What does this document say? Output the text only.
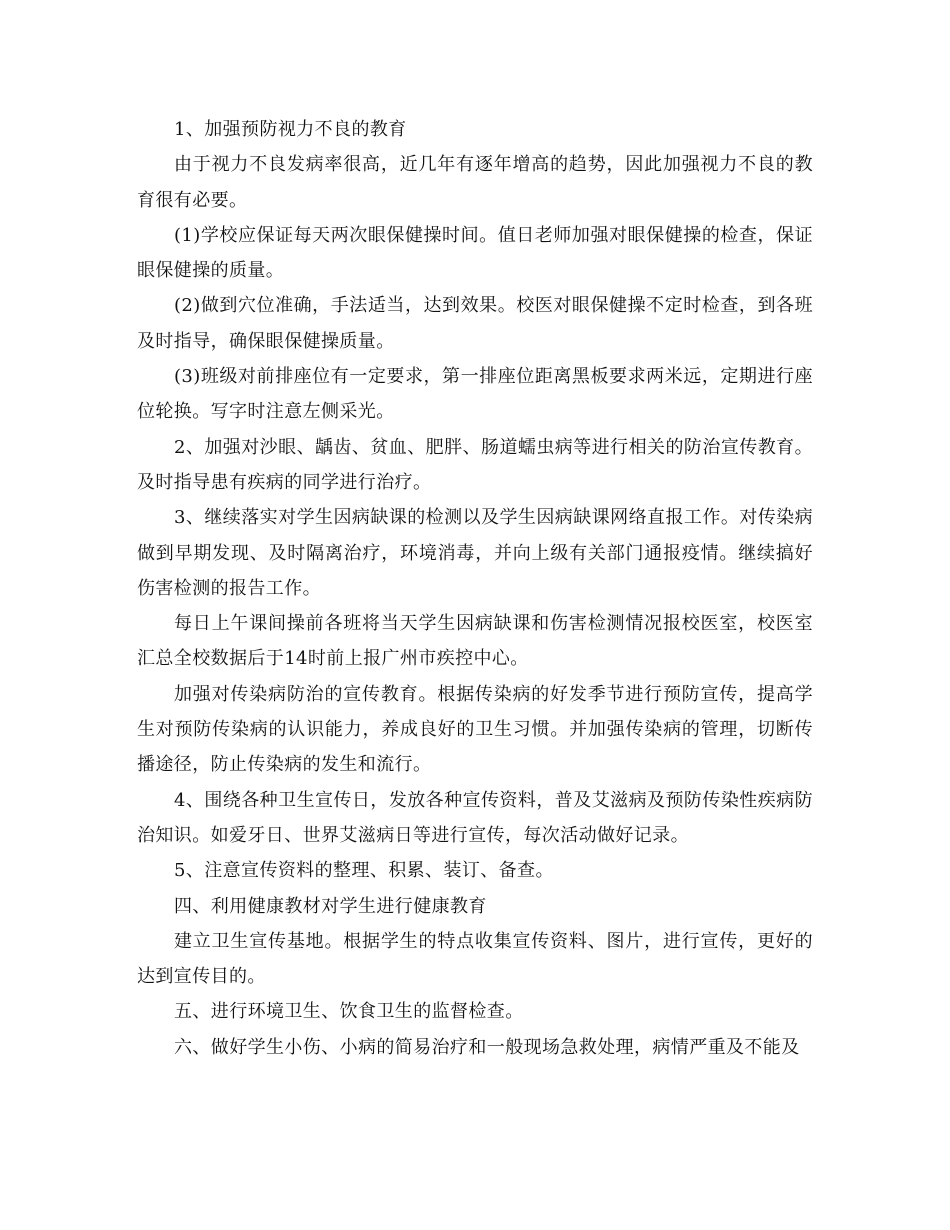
1、加强预防视力不良的教育

由于视力不良发病率很高，近几年有逐年增高的趋势，因此加强视力不良的教育很有必要。

(1)学校应保证每天两次眼保健操时间。值日老师加强对眼保健操的检查，保证眼保健操的质量。

(2)做到穴位准确，手法适当，达到效果。校医对眼保健操不定时检查，到各班及时指导，确保眼保健操质量。

(3)班级对前排座位有一定要求，第一排座位距离黑板要求两米远，定期进行座位轮换。写字时注意左侧采光。

2、加强对沙眼、龋齿、贫血、肥胖、肠道蠕虫病等进行相关的防治宣传教育。及时指导患有疾病的同学进行治疗。

3、继续落实对学生因病缺课的检测以及学生因病缺课网络直报工作。对传染病做到早期发现、及时隔离治疗，环境消毒，并向上级有关部门通报疫情。继续搞好伤害检测的报告工作。

每日上午课间操前各班将当天学生因病缺课和伤害检测情况报校医室，校医室汇总全校数据后于14时前上报广州市疾控中心。

加强对传染病防治的宣传教育。根据传染病的好发季节进行预防宣传，提高学生对预防传染病的认识能力，养成良好的卫生习惯。并加强传染病的管理，切断传播途径，防止传染病的发生和流行。

4、围绕各种卫生宣传日，发放各种宣传资料，普及艾滋病及预防传染性疾病防治知识。如爱牙日、世界艾滋病日等进行宣传，每次活动做好记录。

5、注意宣传资料的整理、积累、装订、备查。

四、利用健康教材对学生进行健康教育

建立卫生宣传基地。根据学生的特点收集宣传资料、图片，进行宣传，更好的达到宣传目的。

五、进行环境卫生、饮食卫生的监督检查。

六、做好学生小伤、小病的简易治疗和一般现场急救处理，病情严重及不能及
